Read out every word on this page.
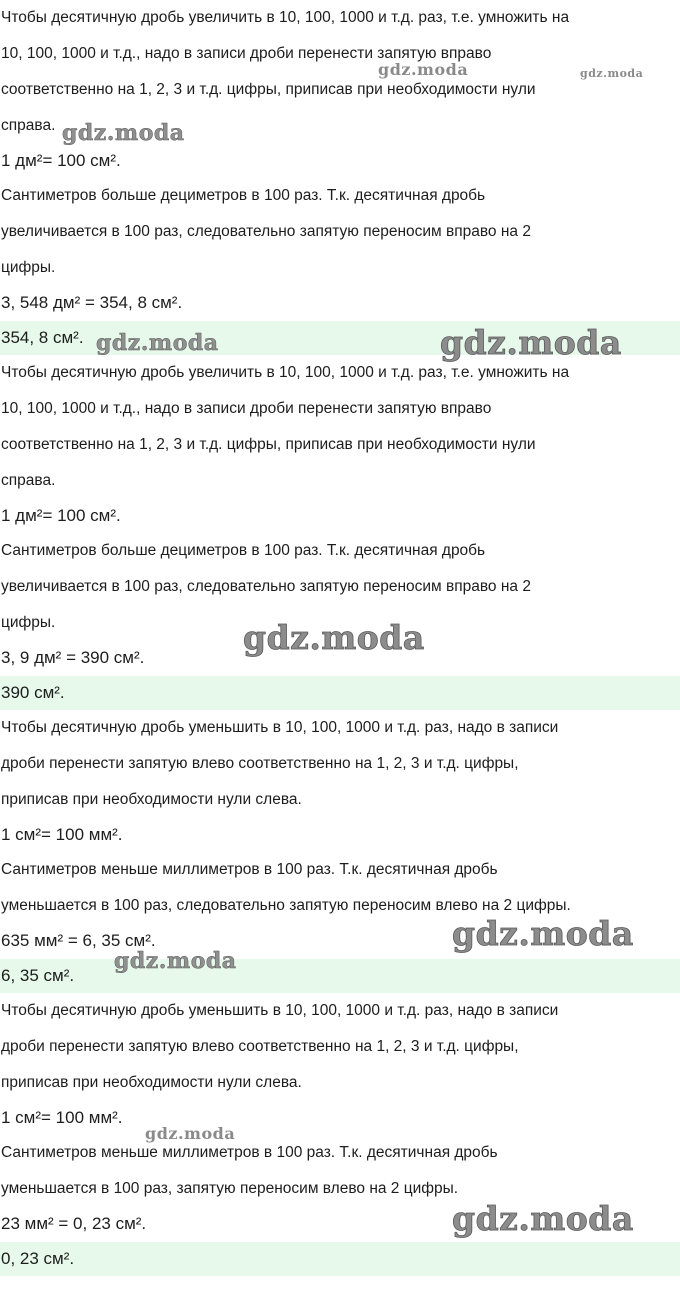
Чтобы десятичную дробь увеличить в 10, 100, 1000 и т.д. раз, т.е. умножить на
10, 100, 1000 и т.д., надо в записи дроби перенести запятую вправо
соответственно на 1, 2, 3 и т.д. цифры, приписав при необходимости нули
справа.
1 дм²= 100 см².
Сантиметров больше дециметров в 100 раз. Т.к. десятичная дробь
увеличивается в 100 раз, следовательно запятую переносим вправо на 2
цифры.
3, 548 дм² = 354, 8 см².
354, 8 см².
Чтобы десятичную дробь увеличить в 10, 100, 1000 и т.д. раз, т.е. умножить на
10, 100, 1000 и т.д., надо в записи дроби перенести запятую вправо
соответственно на 1, 2, 3 и т.д. цифры, приписав при необходимости нули
справа.
1 дм²= 100 см².
Сантиметров больше дециметров в 100 раз. Т.к. десятичная дробь
увеличивается в 100 раз, следовательно запятую переносим вправо на 2
цифры.
3, 9 дм² = 390 см².
390 см².
Чтобы десятичную дробь уменьшить в 10, 100, 1000 и т.д. раз, надо в записи
дроби перенести запятую влево соответственно на 1, 2, 3 и т.д. цифры,
приписав при необходимости нули слева.
1 см²= 100 мм².
Сантиметров меньше миллиметров в 100 раз. Т.к. десятичная дробь
уменьшается в 100 раз, следовательно запятую переносим влево на 2 цифры.
635 мм² = 6, 35 см².
6, 35 см².
Чтобы десятичную дробь уменьшить в 10, 100, 1000 и т.д. раз, надо в записи
дроби перенести запятую влево соответственно на 1, 2, 3 и т.д. цифры,
приписав при необходимости нули слева.
1 см²= 100 мм².
Сантиметров меньше миллиметров в 100 раз. Т.к. десятичная дробь
уменьшается в 100 раз, запятую переносим влево на 2 цифры.
23 мм² = 0, 23 см².
0, 23 см².
gdz.moda	gdz.moda
gdz.moda
gdz.moda	gdz.moda
gdz.moda
gdz.moda
gdz.moda
gdz.moda
gdz.moda
